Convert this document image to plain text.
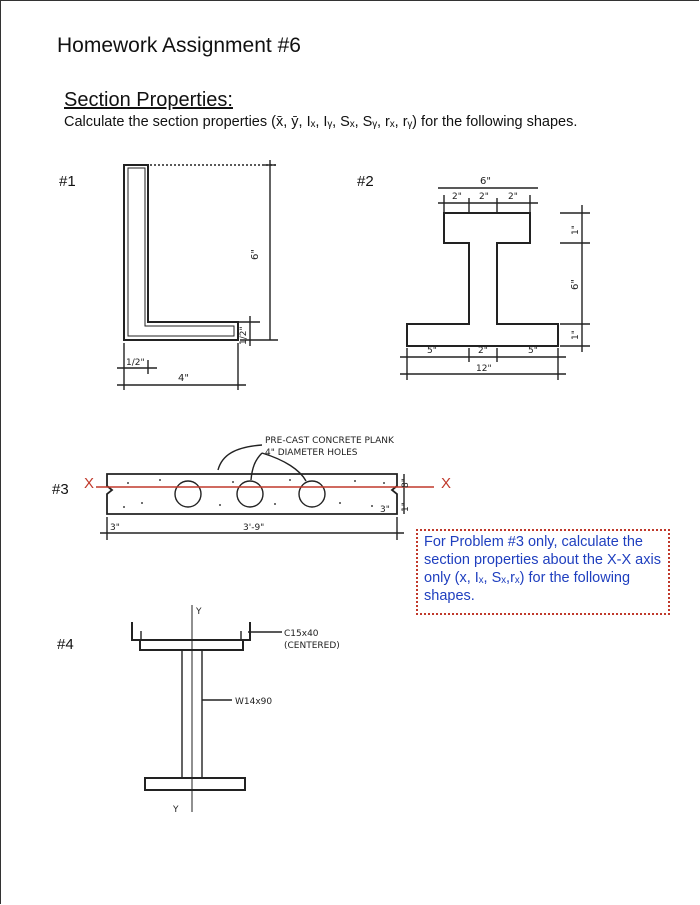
Homework Assignment #6
Section Properties:
Calculate the section properties (x̄, ȳ, Iₓ, Iᵧ, Sₓ, Sᵧ, rₓ, rᵧ) for the following shapes.
#1	#2
#3 X	X
#4
For Problem #3 only, calculate the section properties about the X-X axis only (x, Iₓ, Sₓ,rₓ) for the following shapes.
6"
1/2"
4"
1/2"
6"
2" 2" 2"
1"
6"
1"
5"	2"	5"
12"
PRE-CAST CONCRETE PLANK
4" DIAMETER HOLES
3'-9"
3"
3"
8"
1"
Y
Y
C15x40
(CENTERED)
W14x90
